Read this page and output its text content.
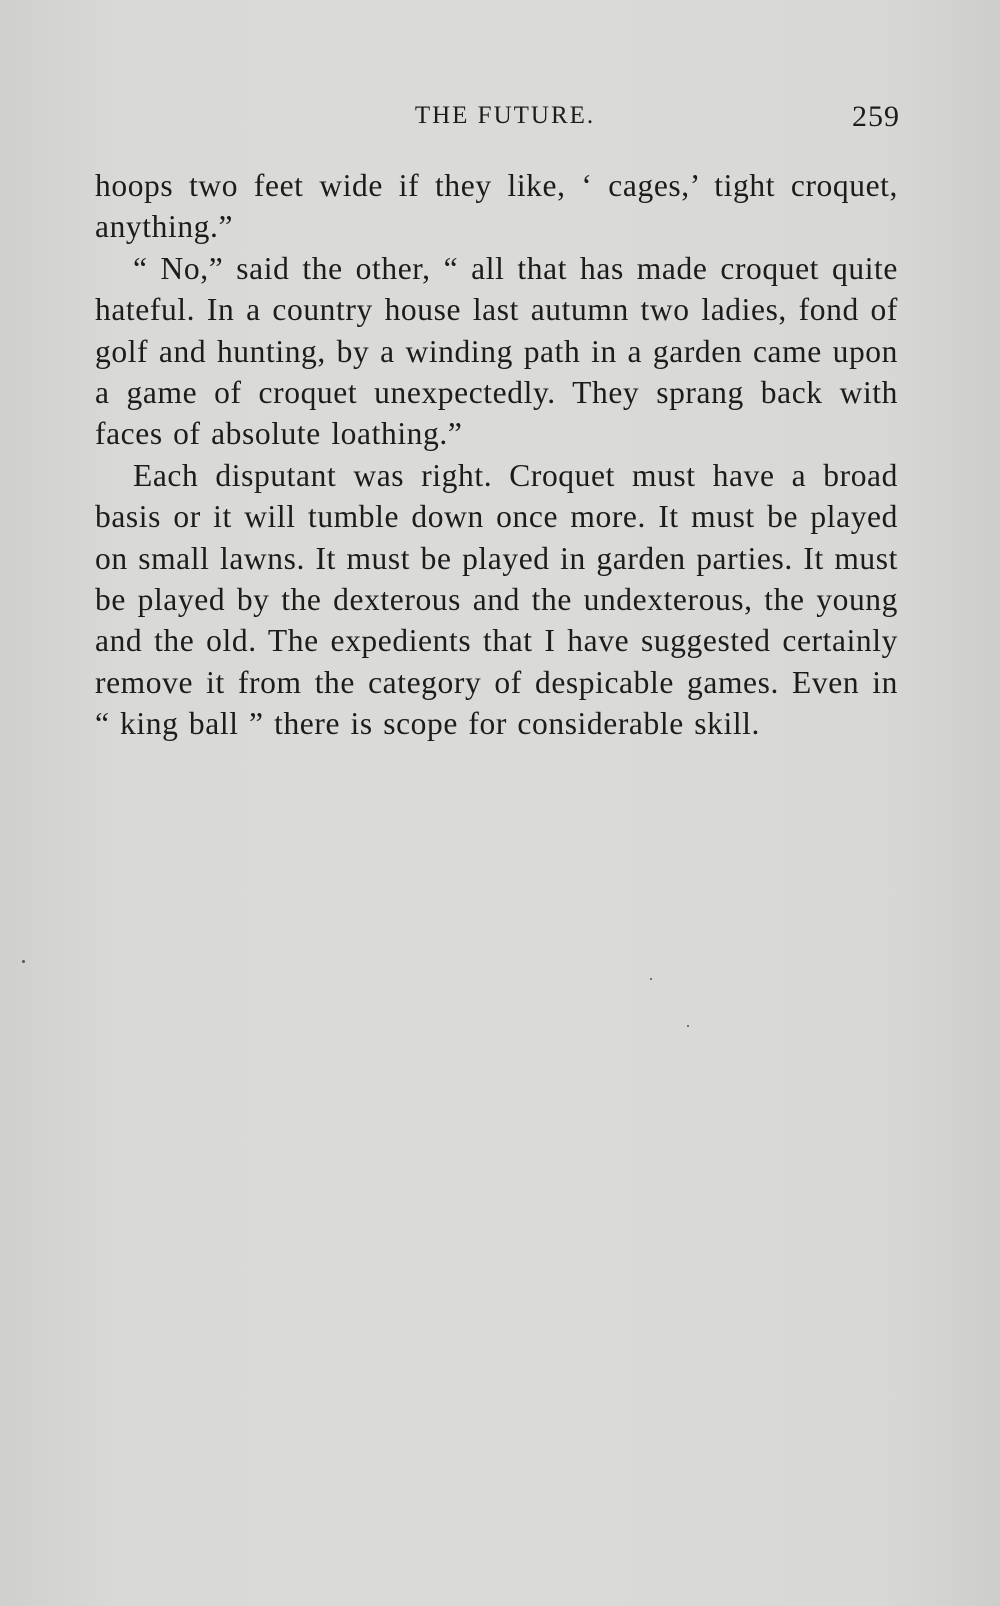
THE FUTURE.	259

hoops two feet wide if they like, ‘ cages,’ tight croquet, anything.”

“ No,” said the other, “ all that has made croquet quite hateful. In a country house last autumn two ladies, fond of golf and hunting, by a winding path in a garden came upon a game of croquet unexpectedly. They sprang back with faces of absolute loathing.”

Each disputant was right. Croquet must have a broad basis or it will tumble down once more. It must be played on small lawns. It must be played in garden parties. It must be played by the dexterous and the undexterous, the young and the old. The expedients that I have suggested certainly remove it from the category of despicable games. Even in “ king ball ” there is scope for considerable skill.
